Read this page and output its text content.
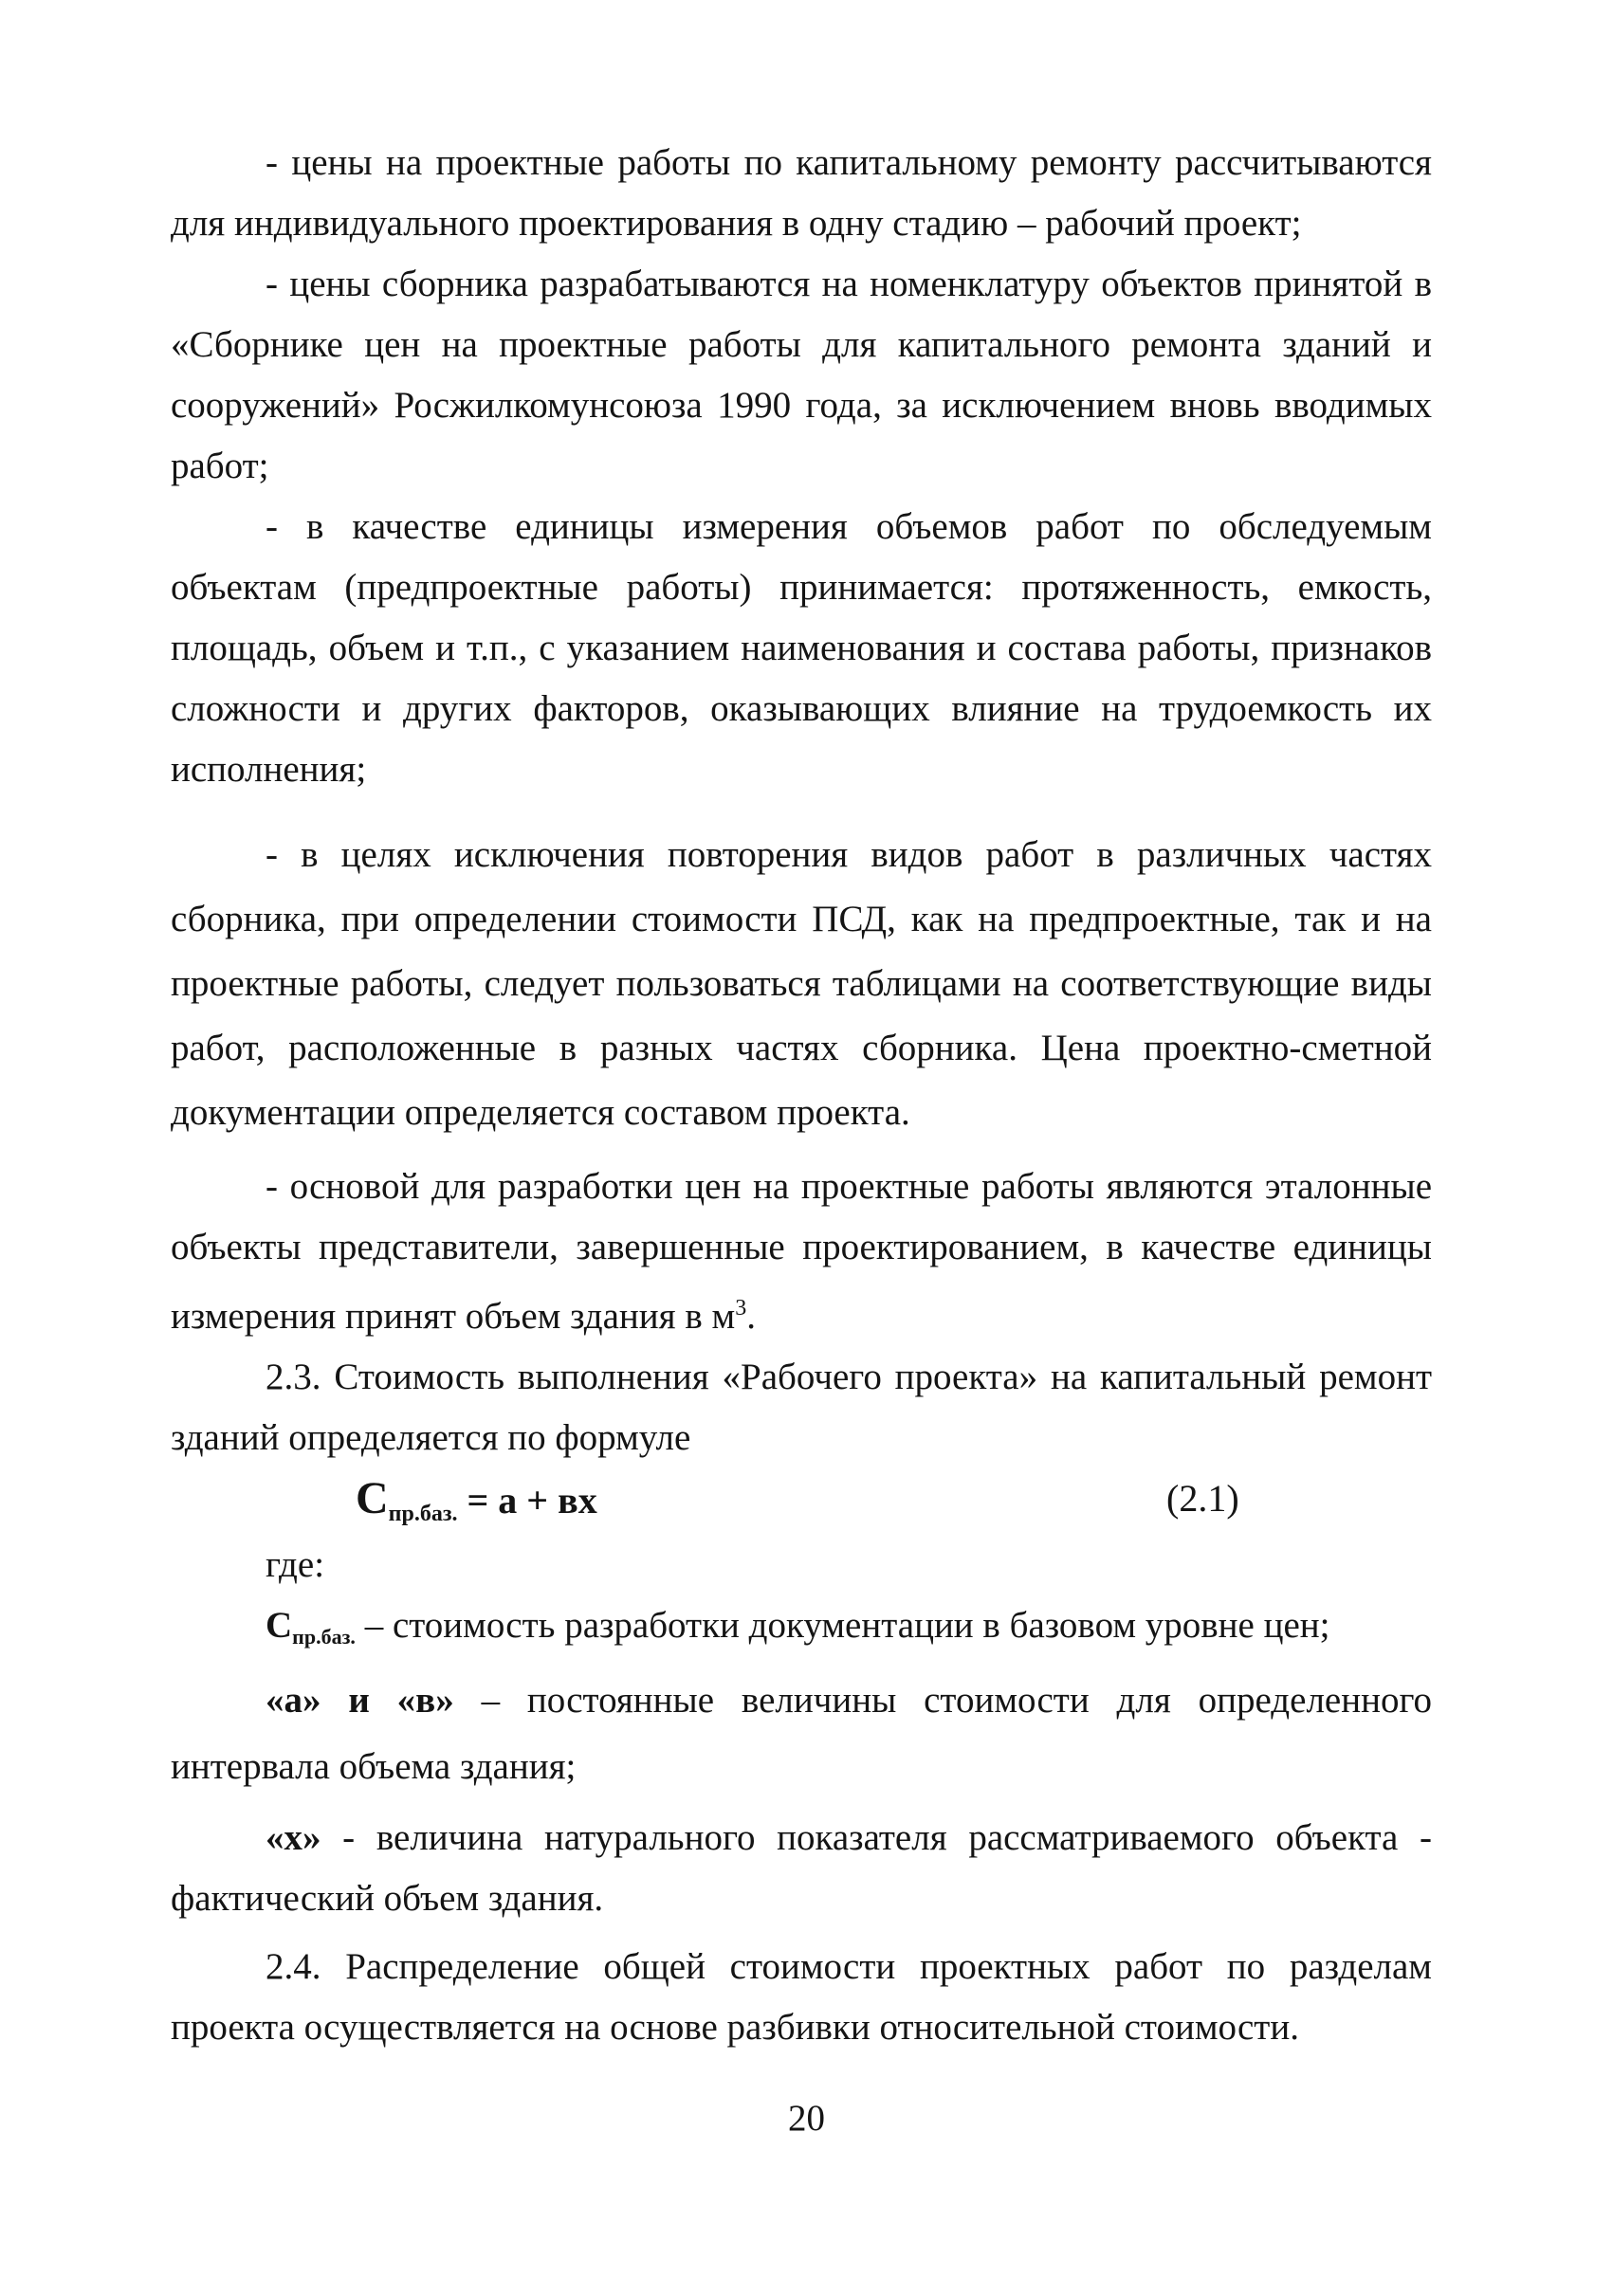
- цены на проектные работы по капитальному ремонту рассчитываются для индивидуального проектирования в одну стадию – рабочий проект;

- цены сборника разрабатываются на номенклатуру объектов принятой в «Сборнике цен на проектные работы для капитального ремонта зданий и сооружений» Росжилкомунсоюза 1990 года, за исключением вновь вводимых работ;

- в качестве единицы измерения объемов работ по обследуемым объектам (предпроектные работы) принимается: протяженность, емкость, площадь, объем и т.п., с указанием наименования и состава работы, признаков сложности и других факторов, оказывающих влияние на трудоемкость их исполнения;

- в целях исключения повторения видов работ в различных частях сборника, при определении стоимости ПСД, как на предпроектные, так и на проектные работы, следует пользоваться таблицами на соответствующие виды работ, расположенные в разных частях сборника. Цена проектно-сметной документации определяется составом проекта.

- основой для разработки цен на проектные работы являются эталонные объекты представители, завершенные проектированием, в качестве единицы измерения принят объем здания в $м^3$.

2.3. Стоимость выполнения «Рабочего проекта» на капитальный ремонт зданий определяется по формуле

$С_{пр.баз.} = а$ + вх	(2.1)

где:

$С_{пр.баз.}$ – стоимость разработки документации в базовом уровне цен;

«а» и «в» – постоянные величины стоимости для определенного интервала объема здания;

«х» - величина натурального показателя рассматриваемого объекта - фактический объем здания.

2.4. Распределение общей стоимости проектных работ по разделам проекта осуществляется на основе разбивки относительной стоимости.

20
